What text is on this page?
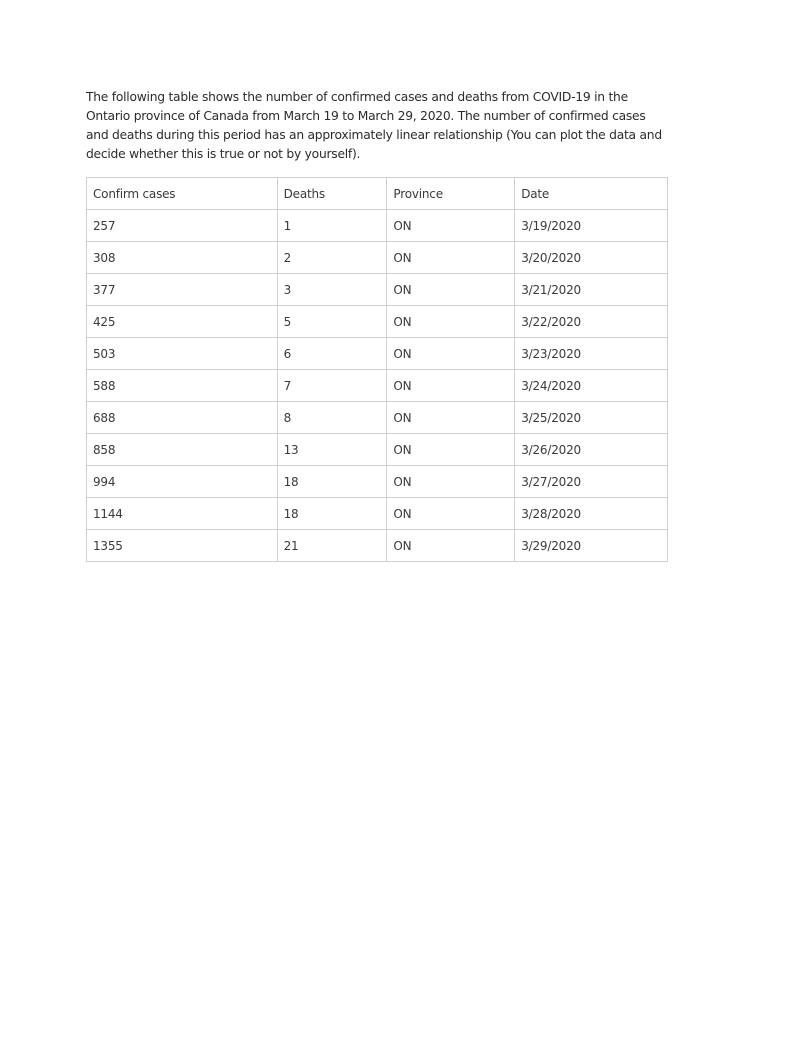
The following table shows the number of confirmed cases and deaths from COVID-19 in the Ontario province of Canada from March 19 to March 29, 2020. The number of confirmed cases and deaths during this period has an approximately linear relationship (You can plot the data and decide whether this is true or not by yourself).

Confirm cases	Deaths	Province	Date
257	1	ON	3/19/2020
308	2	ON	3/20/2020
377	3	ON	3/21/2020
425	5	ON	3/22/2020
503	6	ON	3/23/2020
588	7	ON	3/24/2020
688	8	ON	3/25/2020
858	13	ON	3/26/2020
994	18	ON	3/27/2020
1144	18	ON	3/28/2020
1355	21	ON	3/29/2020
